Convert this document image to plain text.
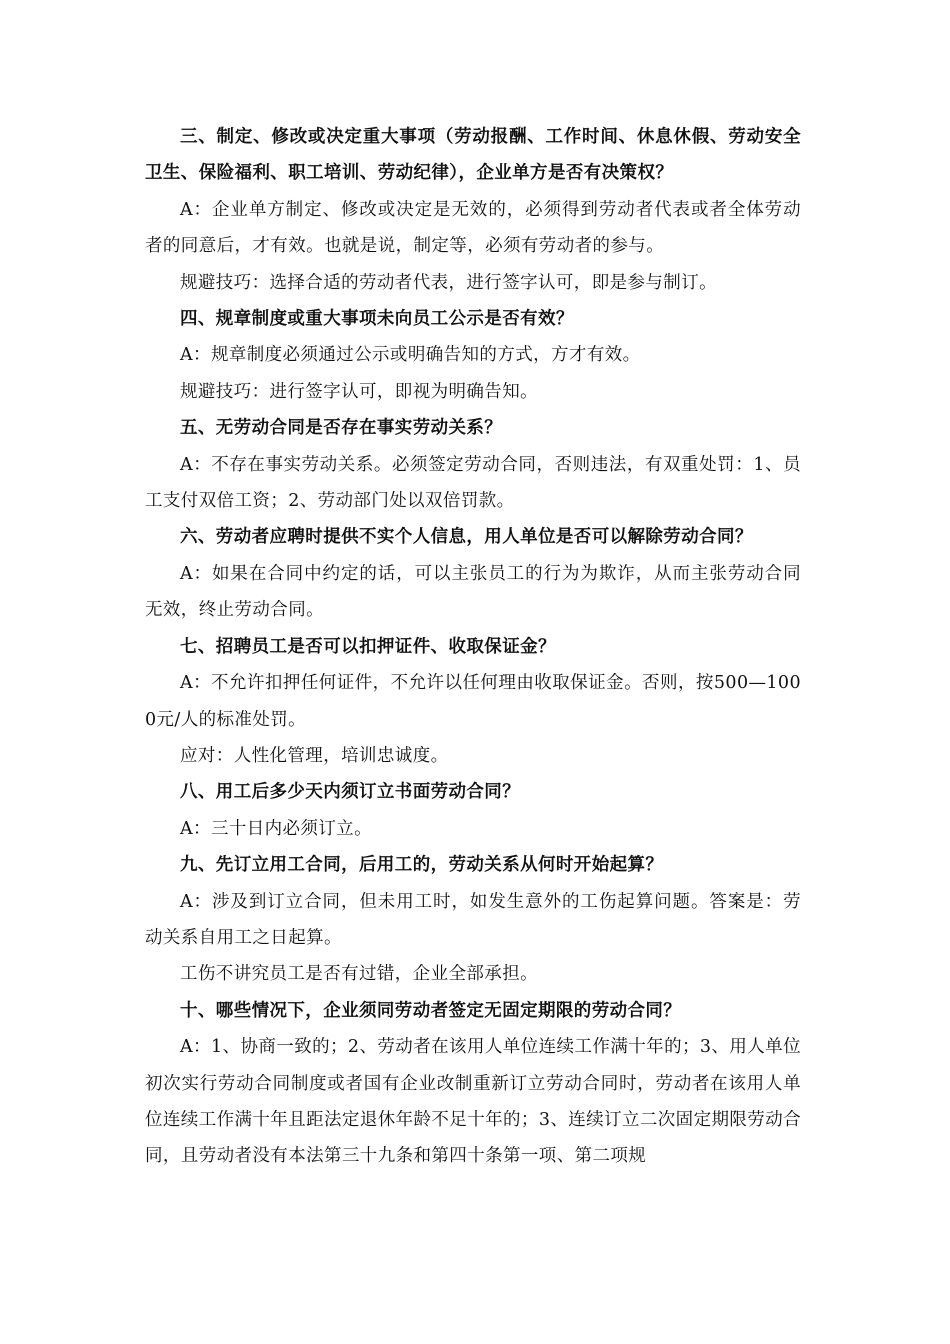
三、制定、修改或决定重大事项（劳动报酬、工作时间、休息休假、劳动安全卫生、保险福利、职工培训、劳动纪律），企业单方是否有决策权？

A：企业单方制定、修改或决定是无效的，必须得到劳动者代表或者全体劳动者的同意后，才有效。也就是说，制定等，必须有劳动者的参与。

规避技巧：选择合适的劳动者代表，进行签字认可，即是参与制订。

四、规章制度或重大事项未向员工公示是否有效？

A：规章制度必须通过公示或明确告知的方式，方才有效。

规避技巧：进行签字认可，即视为明确告知。

五、无劳动合同是否存在事实劳动关系？

A：不存在事实劳动关系。必须签定劳动合同，否则违法，有双重处罚：1、员工支付双倍工资；2、劳动部门处以双倍罚款。

六、劳动者应聘时提供不实个人信息，用人单位是否可以解除劳动合同？

A：如果在合同中约定的话，可以主张员工的行为为欺诈，从而主张劳动合同无效，终止劳动合同。

七、招聘员工是否可以扣押证件、收取保证金？

A：不允许扣押任何证件，不允许以任何理由收取保证金。否则，按500—1000元/人的标准处罚。

应对：人性化管理，培训忠诚度。

八、用工后多少天内须订立书面劳动合同？

A：三十日内必须订立。

九、先订立用工合同，后用工的，劳动关系从何时开始起算？

A：涉及到订立合同，但未用工时，如发生意外的工伤起算问题。答案是：劳动关系自用工之日起算。

工伤不讲究员工是否有过错，企业全部承担。

十、哪些情况下，企业须同劳动者签定无固定期限的劳动合同？

A：1、协商一致的；2、劳动者在该用人单位连续工作满十年的；3、用人单位初次实行劳动合同制度或者国有企业改制重新订立劳动合同时，劳动者在该用人单位连续工作满十年且距法定退休年龄不足十年的；3、连续订立二次固定期限劳动合同，且劳动者没有本法第三十九条和第四十条第一项、第二项规
